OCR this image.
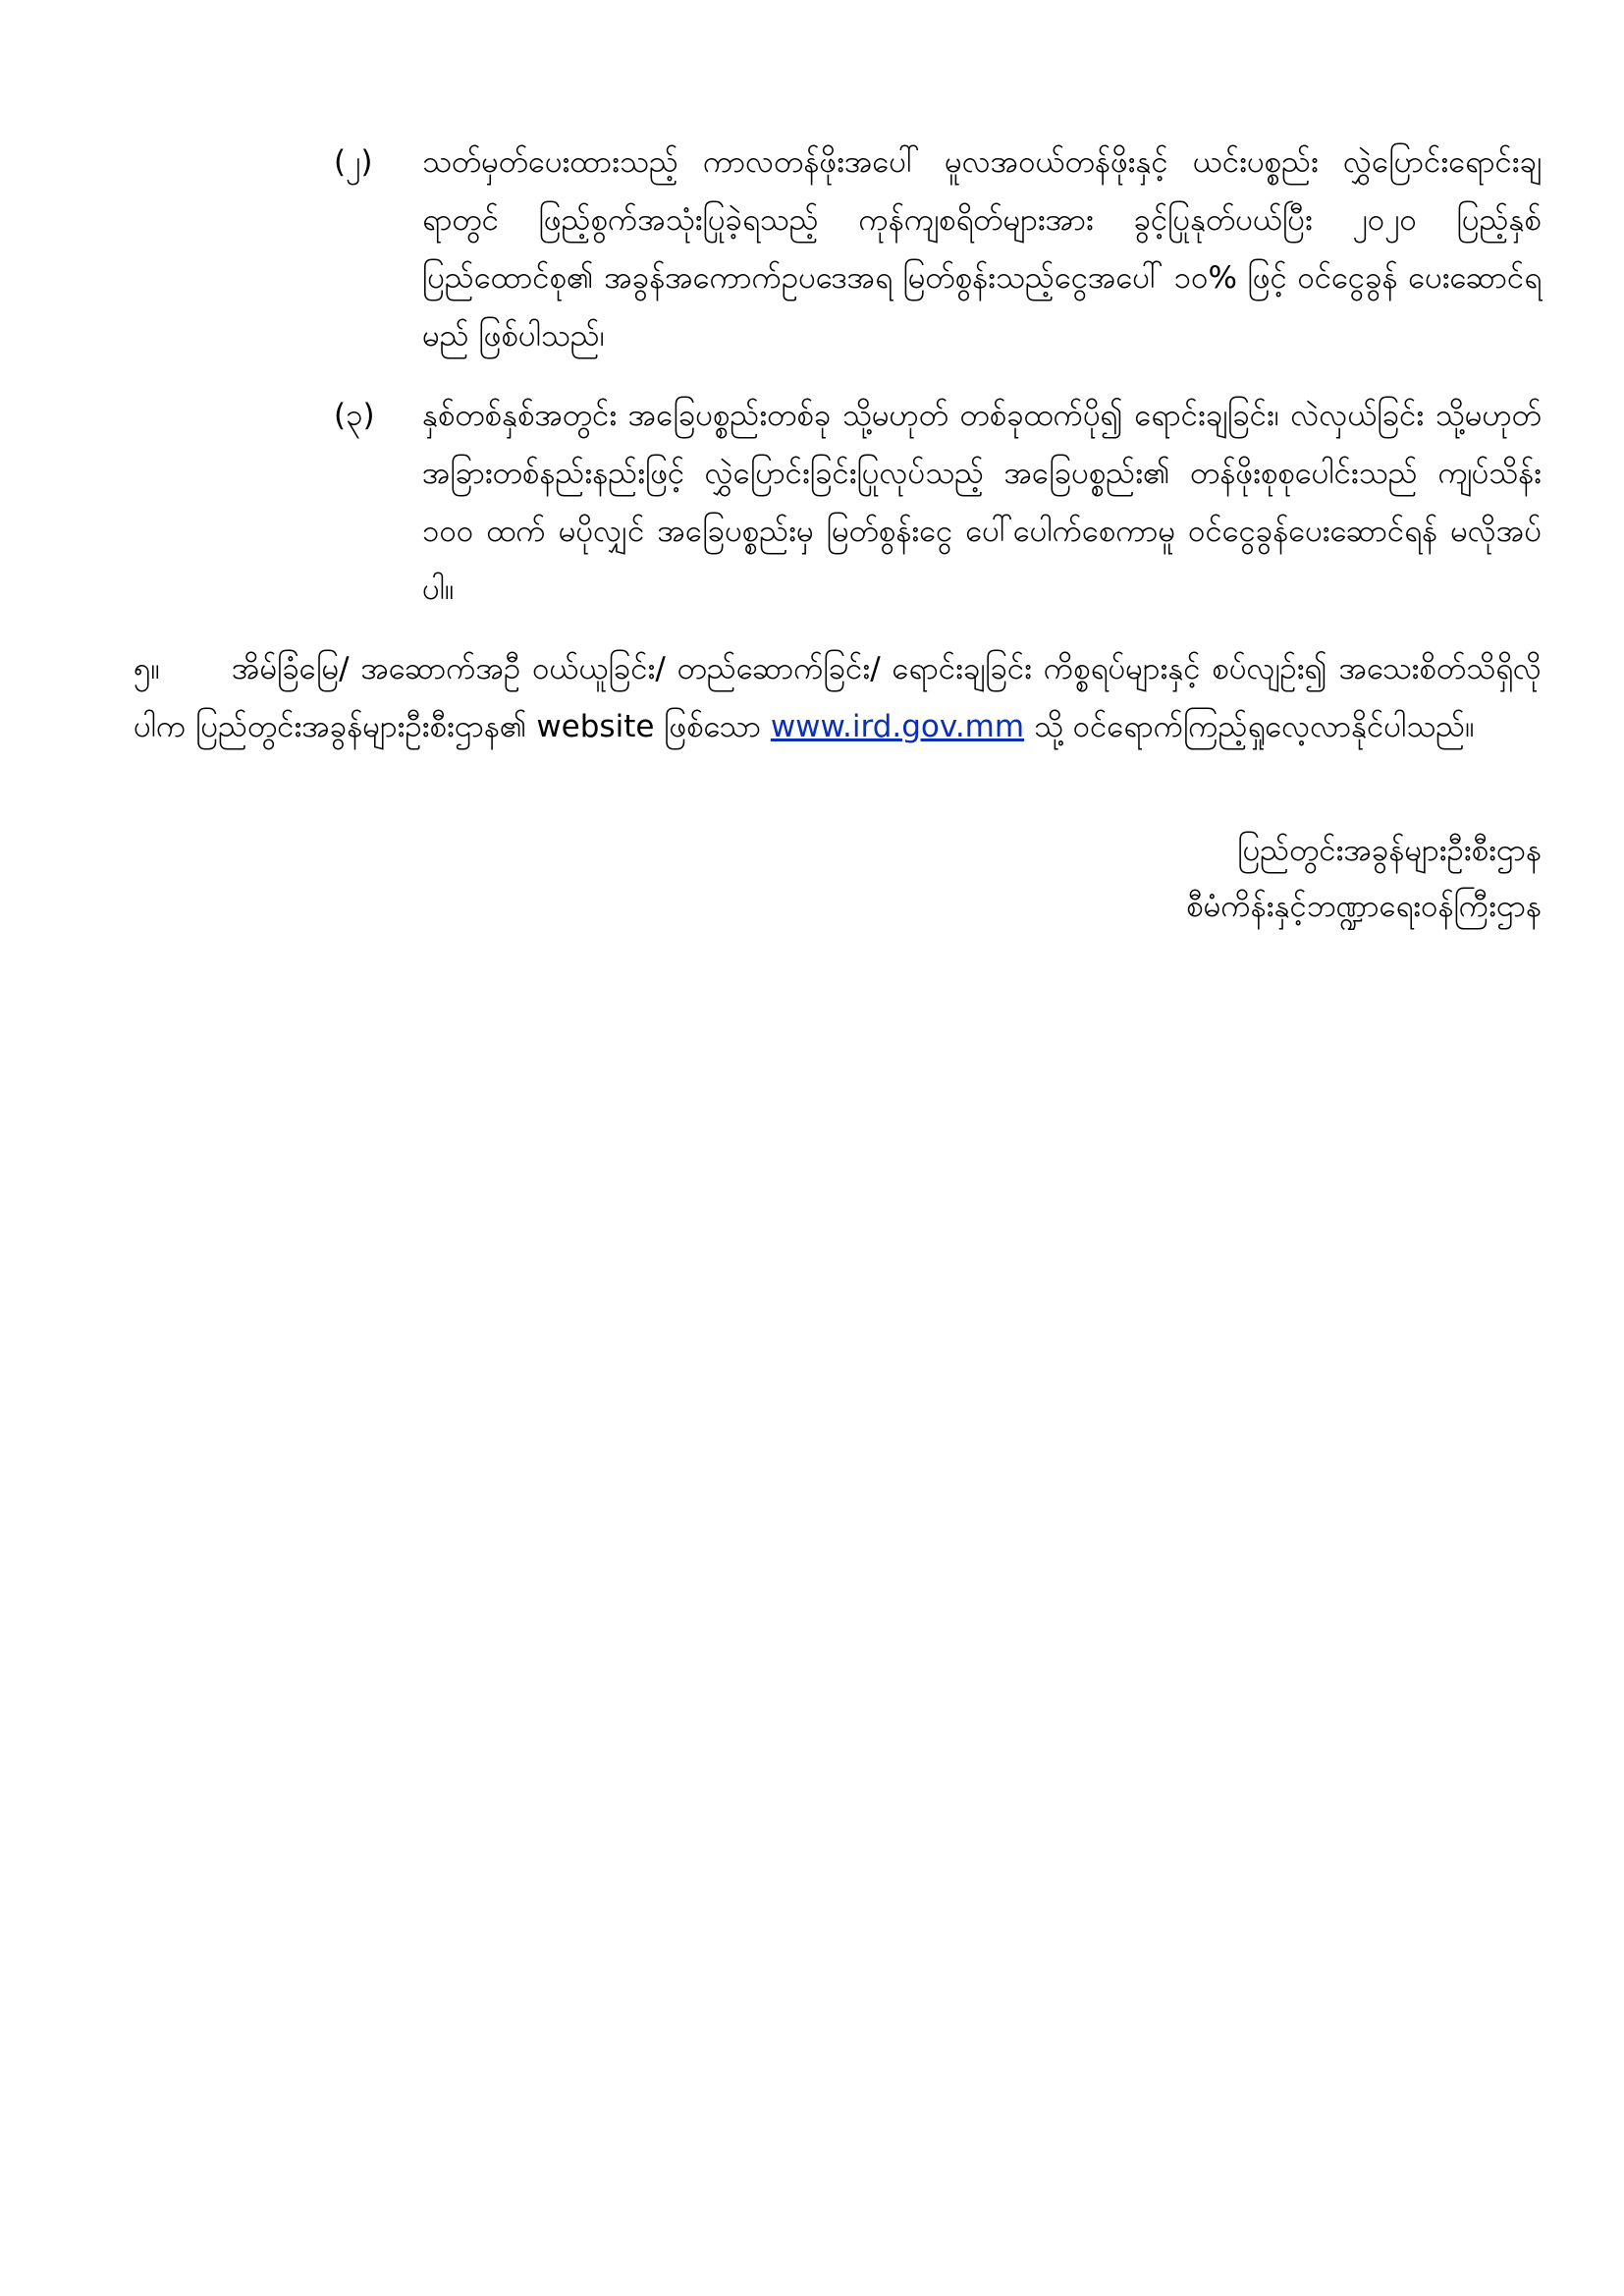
(၂)	သတ်မှတ်ပေးထားသည့် ကာလတန်ဖိုးအပေါ် မူလအဝယ်တန်ဖိုးနှင့် ယင်းပစ္စည်း လွှဲပြောင်းရောင်းချရာတွင် ဖြည့်စွက်အသုံးပြုခဲ့ရသည့် ကုန်ကျစရိတ်များအား ခွင့်ပြုနုတ်ပယ်ပြီး ၂၀၂၀ ပြည့်နှစ် ပြည်ထောင်စု၏ အခွန်အကောက်ဥပဒေအရ မြတ်စွန်းသည့်ငွေအပေါ် ၁၀% ဖြင့် ဝင်ငွေခွန် ပေးဆောင်ရမည် ဖြစ်ပါသည်၊
(၃)	နှစ်တစ်နှစ်အတွင်း အခြေပစ္စည်းတစ်ခု သို့မဟုတ် တစ်ခုထက်ပို၍ ရောင်းချခြင်း၊ လဲလှယ်ခြင်း သို့မဟုတ် အခြားတစ်နည်းနည်းဖြင့် လွှဲပြောင်းခြင်းပြုလုပ်သည့် အခြေပစ္စည်း၏ တန်ဖိုးစုစုပေါင်းသည် ကျပ်သိန်း ၁၀၀ ထက် မပိုလျှင် အခြေပစ္စည်းမှ မြတ်စွန်းငွေ ပေါ်ပေါက်စေကာမူ ဝင်ငွေခွန်ပေးဆောင်ရန် မလိုအပ်ပါ။
၅။ အိမ်ခြံမြေ/ အဆောက်အဦ ဝယ်ယူခြင်း/ တည်ဆောက်ခြင်း/ ရောင်းချခြင်း ကိစ္စရပ်များနှင့် စပ်လျဉ်း၍ အသေးစိတ်သိရှိလိုပါက ပြည်တွင်းအခွန်များဦးစီးဌာန၏ website ဖြစ်သော www.ird.gov.mm သို့ ဝင်ရောက်ကြည့်ရှုလေ့လာနိုင်ပါသည်။
ပြည်တွင်းအခွန်များဦးစီးဌာန
စီမံကိန်းနှင့်ဘဏ္ဍာရေးဝန်ကြီးဌာန
